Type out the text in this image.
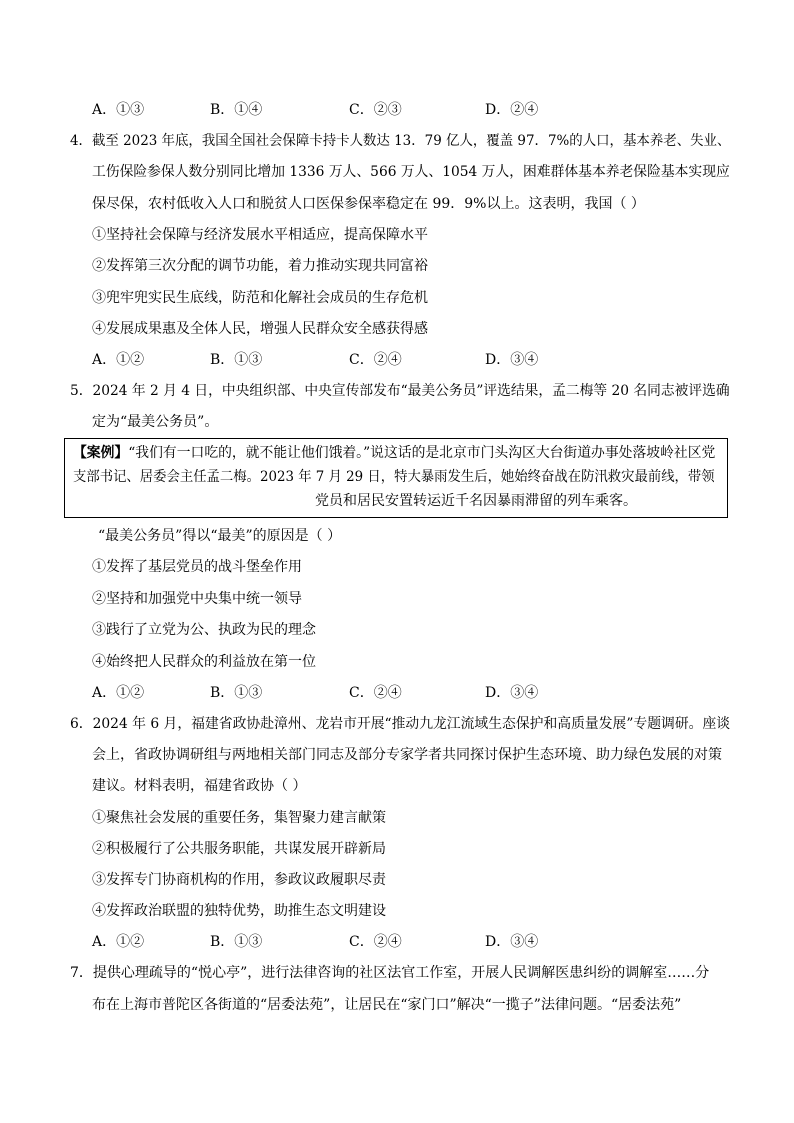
A．①③	B．①④	C．②③	D．②④
4．截至 2023 年底，我国全国社会保障卡持卡人数达 13．79 亿人，覆盖 97．7%的人口，基本养老、失业、
工伤保险参保人数分别同比增加 1336 万人、566 万人、1054 万人，困难群体基本养老保险基本实现应
保尽保，农村低收入人口和脱贫人口医保参保率稳定在 99．9%以上。这表明，我国（ ）
①坚持社会保障与经济发展水平相适应，提高保障水平
②发挥第三次分配的调节功能，着力推动实现共同富裕
③兜牢兜实民生底线，防范和化解社会成员的生存危机
④发展成果惠及全体人民，增强人民群众安全感获得感
A．①②	B．①③	C．②④	D．③④
5．2024 年 2 月 4 日，中央组织部、中央宣传部发布“最美公务员”评选结果，孟二梅等 20 名同志被评选确
定为“最美公务员”。
【案例】“我们有一口吃的，就不能让他们饿着。”说这话的是北京市门头沟区大台街道办事处落坡岭社区党
支部书记、居委会主任孟二梅。2023 年 7 月 29 日，特大暴雨发生后，她始终奋战在防汛救灾最前线，带领
党员和居民安置转运近千名因暴雨滞留的列车乘客。
“最美公务员”得以“最美”的原因是（ ）
①发挥了基层党员的战斗堡垒作用
②坚持和加强党中央集中统一领导
③践行了立党为公、执政为民的理念
④始终把人民群众的利益放在第一位
A．①②	B．①③	C．②④	D．③④
6．2024 年 6 月，福建省政协赴漳州、龙岩市开展“推动九龙江流域生态保护和高质量发展”专题调研。座谈
会上，省政协调研组与两地相关部门同志及部分专家学者共同探讨保护生态环境、助力绿色发展的对策
建议。材料表明，福建省政协（ ）
①聚焦社会发展的重要任务，集智聚力建言献策
②积极履行了公共服务职能，共谋发展开辟新局
③发挥专门协商机构的作用，参政议政履职尽责
④发挥政治联盟的独特优势，助推生态文明建设
A．①②	B．①③	C．②④	D．③④
7．提供心理疏导的“悦心亭”，进行法律咨询的社区法官工作室，开展人民调解医患纠纷的调解室……分
布在上海市普陀区各街道的“居委法苑”，让居民在“家门口”解决“一揽子”法律问题。“居委法苑”
